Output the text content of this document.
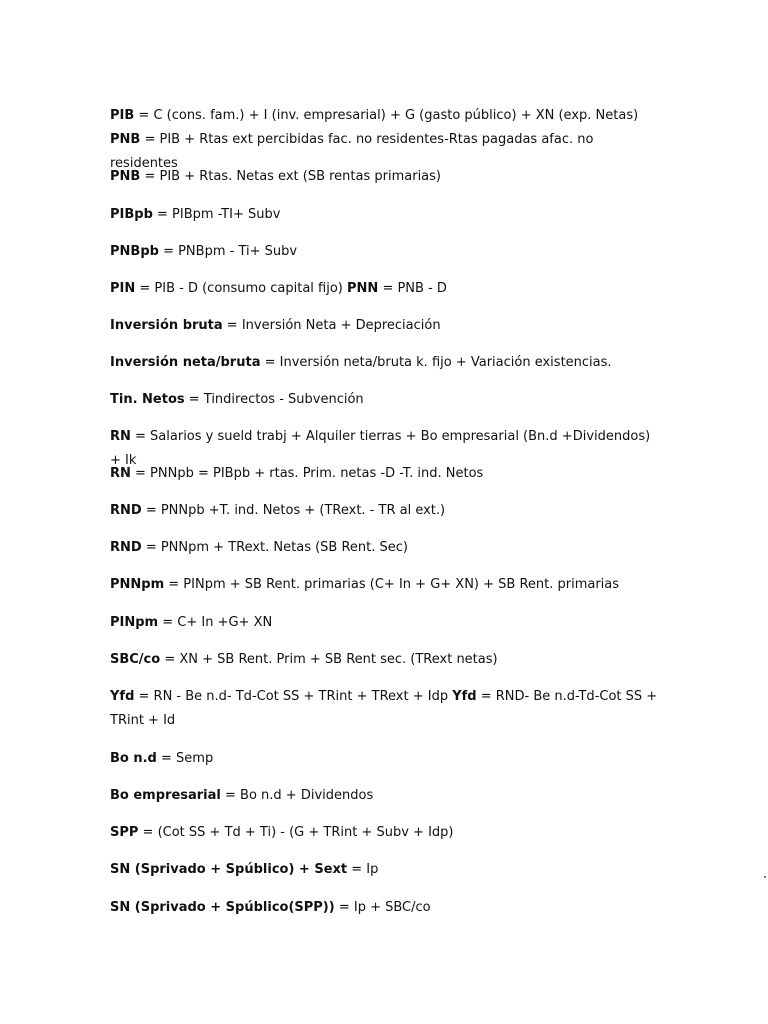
PIB = C (cons. fam.) + I (inv. empresarial) + G (gasto público) + XN (exp. Netas) PNB = PIB + Rtas ext percibidas fac. no residentes-Rtas pagadas afac. no residentes

PNB = PIB + Rtas. Netas ext (SB rentas primarias)

PIBpb = PIBpm -TI+ Subv

PNBpb = PNBpm - Ti+ Subv

PIN = PIB - D (consumo capital fijo) PNN = PNB - D

Inversión bruta = Inversión Neta + Depreciación

Inversión neta/bruta = Inversión neta/bruta k. fijo + Variación existencias.

Tin. Netos = Tindirectos - Subvención

RN = Salarios y sueld trabj + Alquiler tierras + Bo empresarial (Bn.d +Dividendos) + Ik

RN = PNNpb = PIBpb + rtas. Prim. netas -D -T. ind. Netos

RND = PNNpb +T. ind. Netos + (TRext. - TR al ext.)

RND = PNNpm + TRext. Netas (SB Rent. Sec)

PNNpm = PINpm + SB Rent. primarias (C+ In + G+ XN) + SB Rent. primarias

PINpm = C+ In +G+ XN

SBC/co = XN + SB Rent. Prim + SB Rent sec. (TRext netas)

Yfd = RN - Be n.d- Td-Cot SS + TRint + TRext + Idp Yfd = RND- Be n.d-Td-Cot SS + TRint + Id

Bo n.d = Semp

Bo empresarial = Bo n.d + Dividendos

SPP = (Cot SS + Td + Ti) - (G + TRint + Subv + Idp)

SN (Sprivado + Spúblico) + Sext = Ip

SN (Sprivado + Spúblico(SPP)) = Ip + SBC/co
